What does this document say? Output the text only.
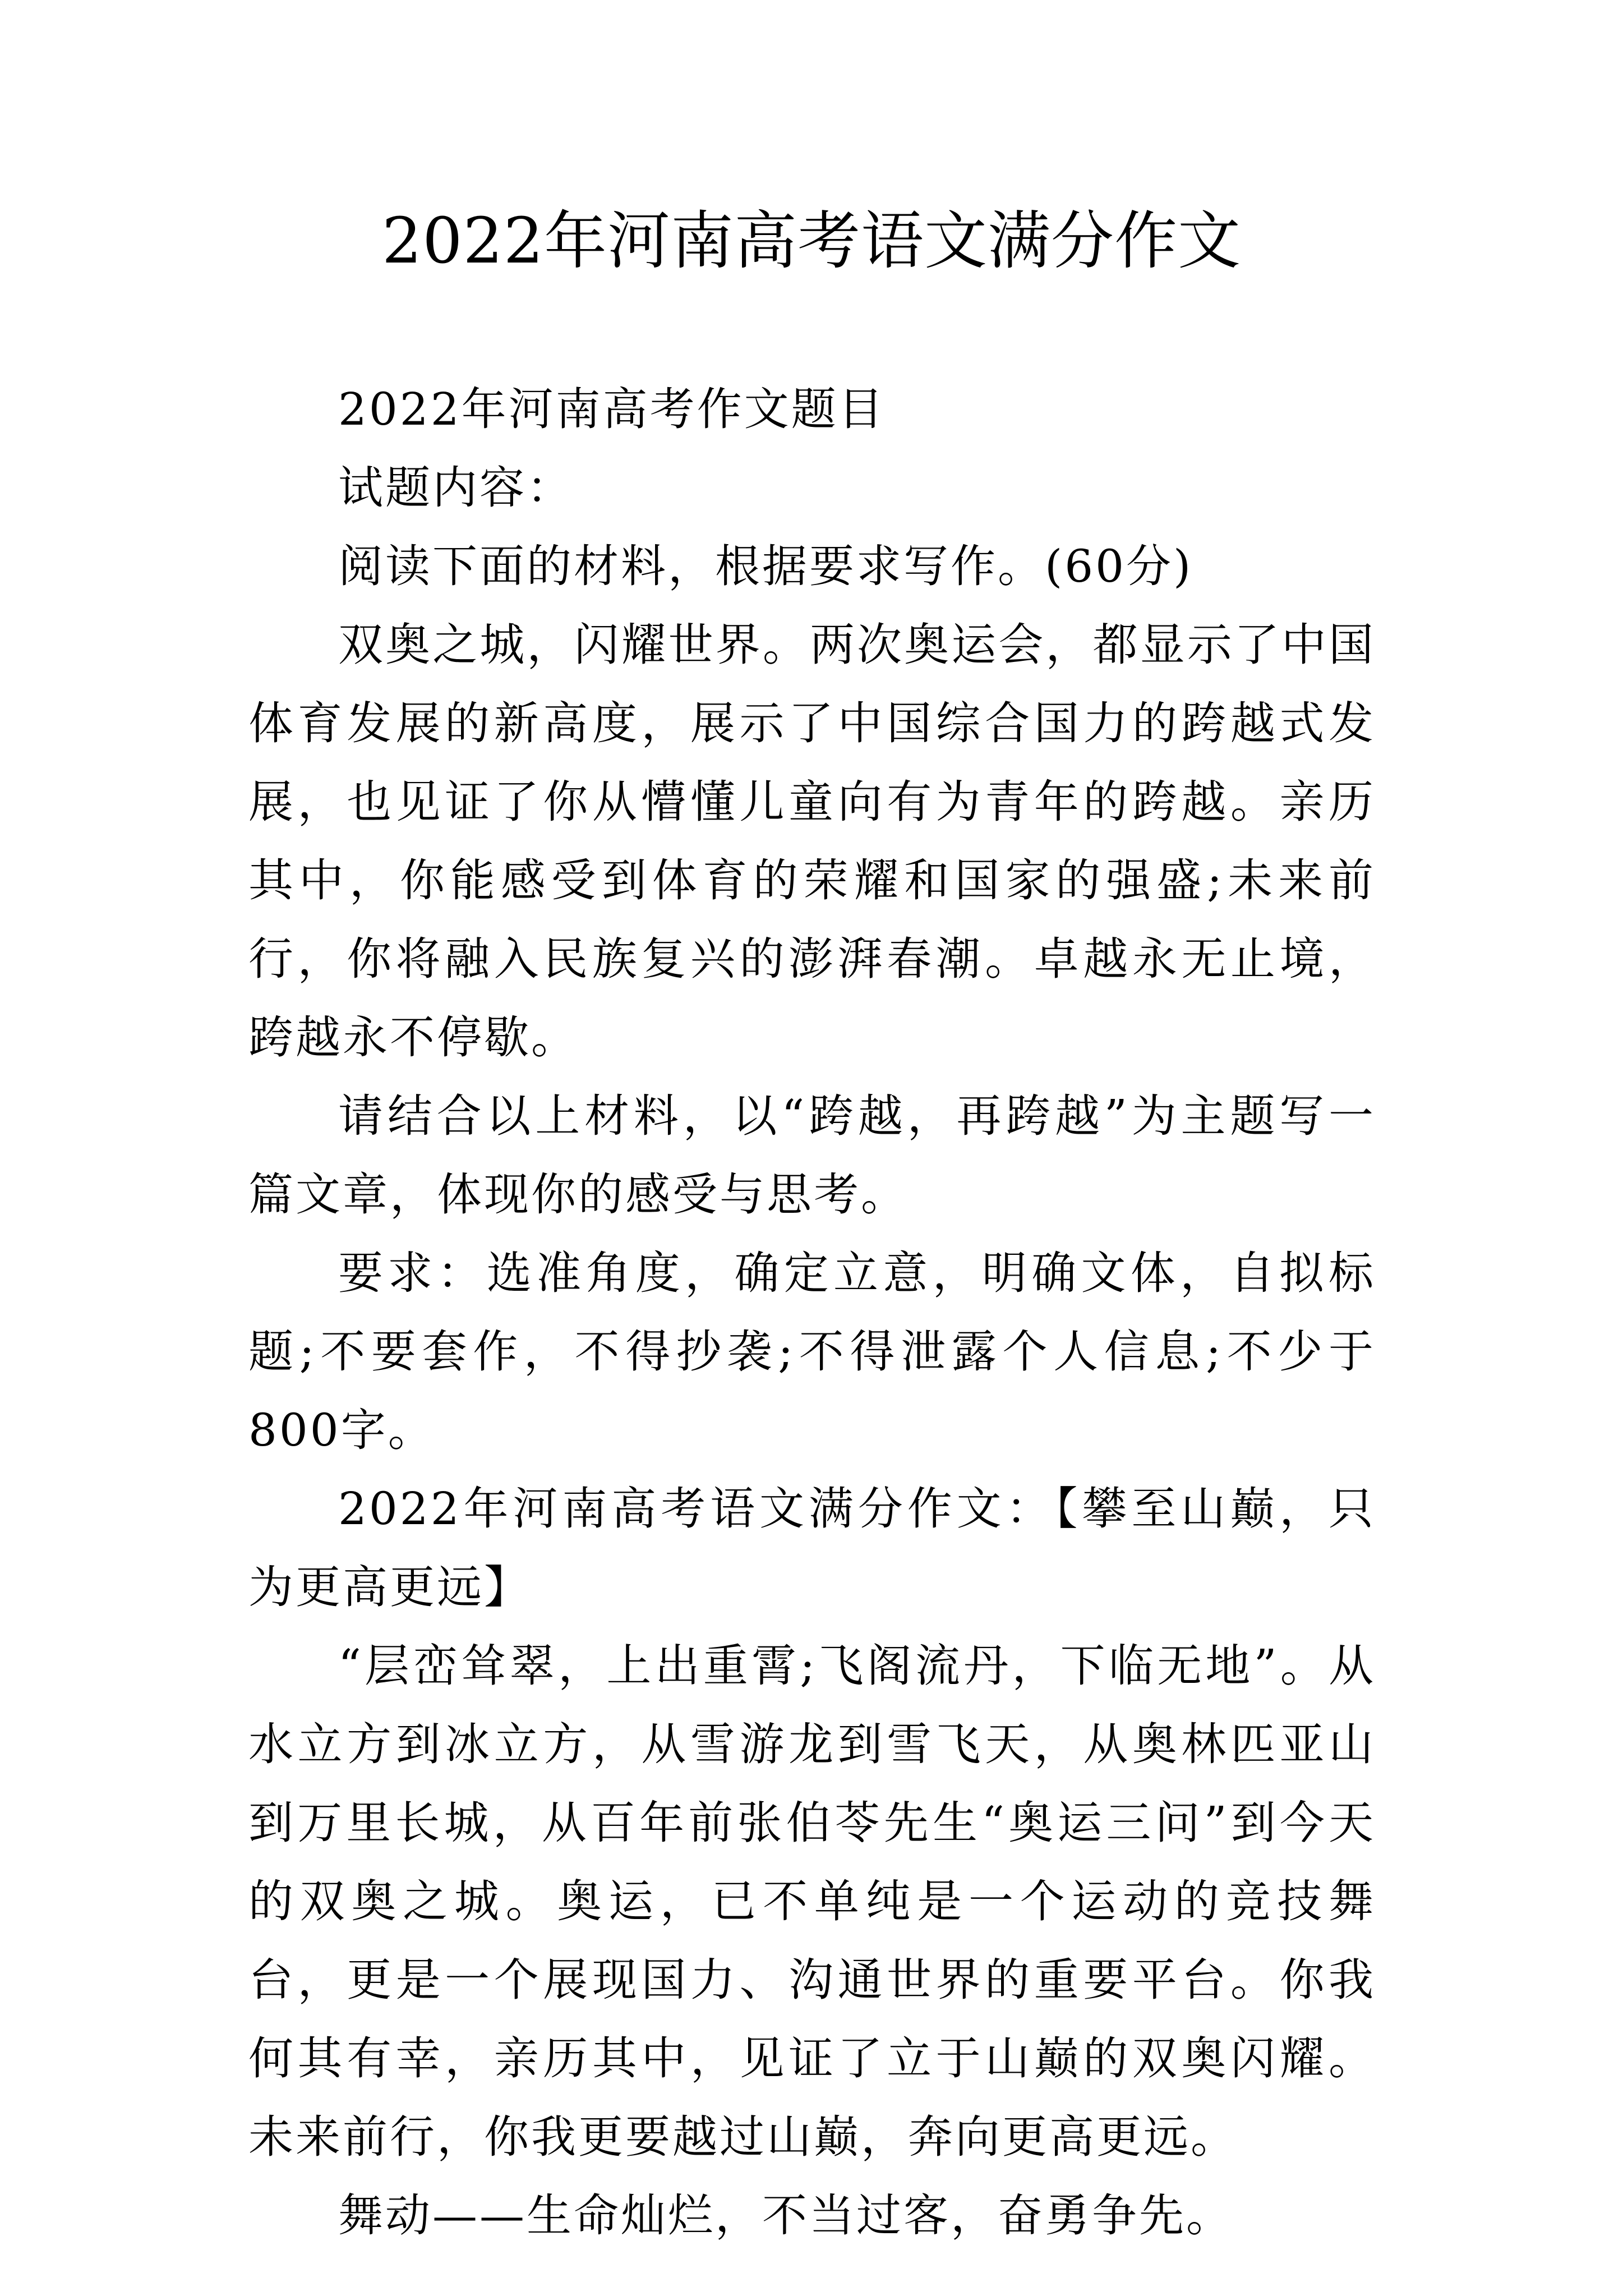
2022年河南高考语文满分作文

2022年河南高考作文题目

试题内容：

阅读下面的材料，根据要求写作。(60分)

双奥之城，闪耀世界。两次奥运会，都显示了中国体育发展的新高度，展示了中国综合国力的跨越式发展，也见证了你从懵懂儿童向有为青年的跨越。亲历其中，你能感受到体育的荣耀和国家的强盛;未来前行，你将融入民族复兴的澎湃春潮。卓越永无止境，跨越永不停歇。

请结合以上材料，以“跨越，再跨越”为主题写一篇文章，体现你的感受与思考。

要求：选准角度，确定立意，明确文体，自拟标题;不要套作，不得抄袭;不得泄露个人信息;不少于800字。

2022年河南高考语文满分作文：【攀至山巅，只为更高更远】

“层峦耸翠，上出重霄;飞阁流丹，下临无地”。从水立方到冰立方，从雪游龙到雪飞天，从奥林匹亚山到万里长城，从百年前张伯苓先生“奥运三问”到今天的双奥之城。奥运，已不单纯是一个运动的竞技舞台，更是一个展现国力、沟通世界的重要平台。你我何其有幸，亲历其中，见证了立于山巅的双奥闪耀。未来前行，你我更要越过山巅，奔向更高更远。

舞动——生命灿烂，不当过客，奋勇争先。
